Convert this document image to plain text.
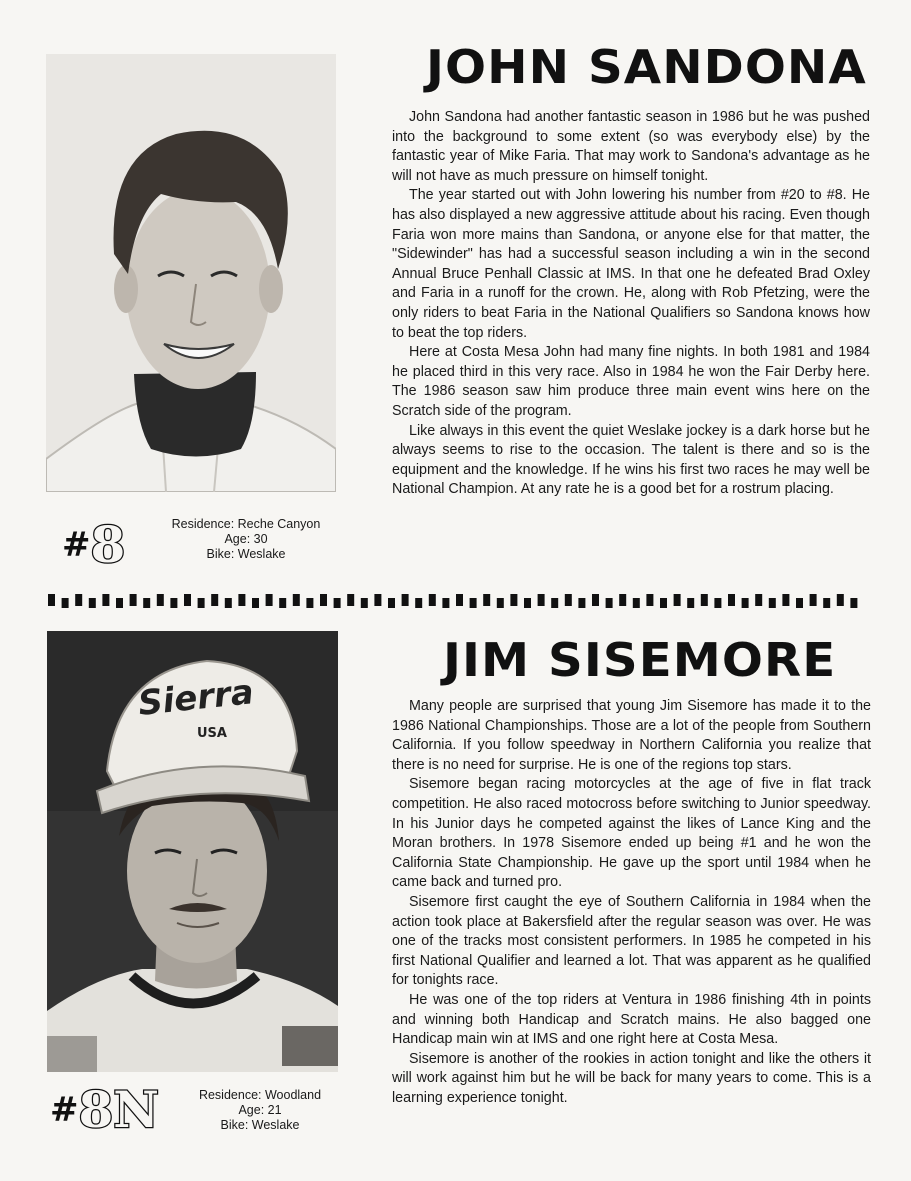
JOHN SANDONA

John Sandona had another fantastic season in 1986 but he was pushed into the background to some extent (so was everybody else) by the fantastic year of Mike Faria. That may work to Sandona's advantage as he will not have as much pressure on himself tonight.

The year started out with John lowering his number from #20 to #8. He has also displayed a new aggressive attitude about his racing. Even though Faria won more mains than Sandona, or anyone else for that matter, the "Sidewinder" has had a successful season including a win in the second Annual Bruce Penhall Classic at IMS. In that one he defeated Brad Oxley and Faria in a runoff for the crown. He, along with Rob Pfetzing, were the only riders to beat Faria in the National Qualifiers so Sandona knows how to beat the top riders.

Here at Costa Mesa John had many fine nights. In both 1981 and 1984 he placed third in this very race. Also in 1984 he won the Fair Derby here. The 1986 season saw him produce three main event wins here on the Scratch side of the program.

Like always in this event the quiet Weslake jockey is a dark horse but he always seems to rise to the occasion. The talent is there and so is the equipment and the knowledge. If he wins his first two races he may well be National Champion. At any rate he is a good bet for a rostrum placing.

#8	Residence: Reche Canyon
Age: 30
Bike: Weslake
Sierra
USA
JIM SISEMORE

Many people are surprised that young Jim Sisemore has made it to the 1986 National Championships. Those are a lot of the people from Southern California. If you follow speedway in Northern California you realize that there is no need for surprise. He is one of the regions top stars.

Sisemore began racing motorcycles at the age of five in flat track competition. He also raced motocross before switching to Junior speedway. In his Junior days he competed against the likes of Lance King and the Moran brothers. In 1978 Sisemore ended up being #1 and he won the California State Championship. He gave up the sport until 1984 when he came back and turned pro.

Sisemore first caught the eye of Southern California in 1984 when the action took place at Bakersfield after the regular season was over. He was one of the tracks most consistent performers. In 1985 he competed in his first National Qualifier and learned a lot. That was apparent as he qualified for tonights race.

He was one of the top riders at Ventura in 1986 finishing 4th in points and winning both Handicap and Scratch mains. He also bagged one Handicap main win at IMS and one right here at Costa Mesa.

Sisemore is another of the rookies in action tonight and like the others it will work against him but he will be back for many years to come. This is a learning experience tonight.

#8N	Residence: Woodland
Age: 21
Bike: Weslake
